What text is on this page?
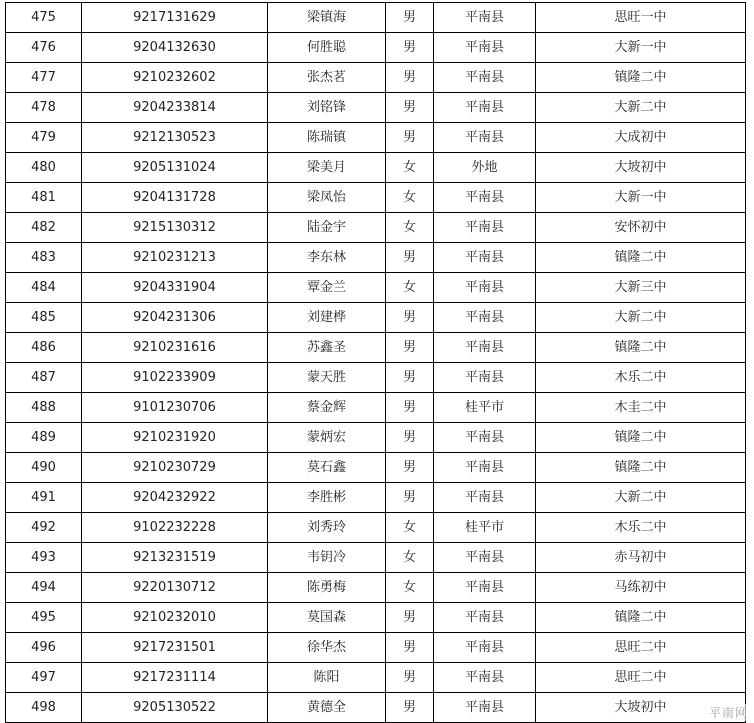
475	9217131629	梁镇海	男	平南县	思旺一中
476	9204132630	何胜聪	男	平南县	大新一中
477	9210232602	张杰茗	男	平南县	镇隆二中
478	9204233814	刘铭锋	男	平南县	大新二中
479	9212130523	陈瑞镇	男	平南县	大成初中
480	9205131024	梁美月	女	外地	大坡初中
481	9204131728	梁凤怡	女	平南县	大新一中
482	9215130312	陆金宇	女	平南县	安怀初中
483	9210231213	李东林	男	平南县	镇隆二中
484	9204331904	覃金兰	女	平南县	大新三中
485	9204231306	刘建桦	男	平南县	大新二中
486	9210231616	苏鑫圣	男	平南县	镇隆二中
487	9102233909	蒙天胜	男	平南县	木乐二中
488	9101230706	蔡金辉	男	桂平市	木圭二中
489	9210231920	蒙炳宏	男	平南县	镇隆二中
490	9210230729	莫石鑫	男	平南县	镇隆二中
491	9204232922	李胜彬	男	平南县	大新二中
492	9102232228	刘秀玲	女	桂平市	木乐二中
493	9213231519	韦钥冷	女	平南县	赤马初中
494	9220130712	陈勇梅	女	平南县	马练初中
495	9210232010	莫国森	男	平南县	镇隆二中
496	9217231501	徐华杰	男	平南县	思旺二中
497	9217231114	陈阳	男	平南县	思旺二中
498	9205130522	黄德全	男	平南县	大坡初中	平南网
